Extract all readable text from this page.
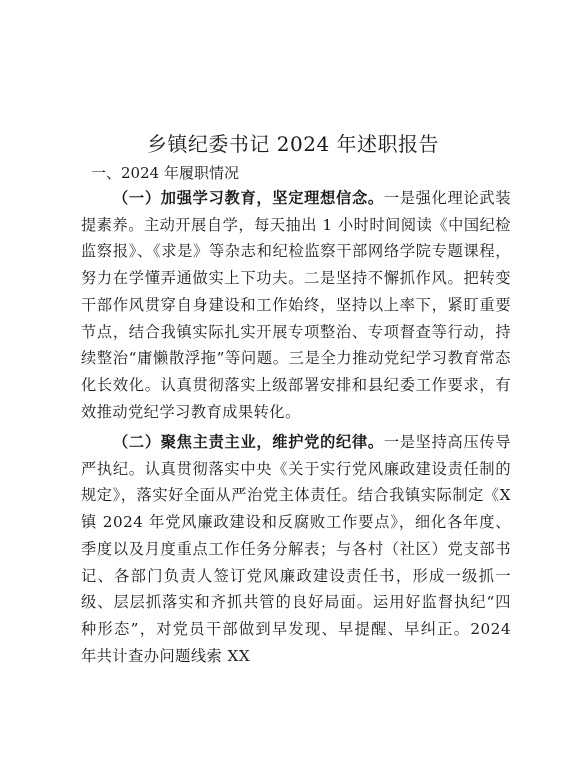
乡镇纪委书记 2024 年述职报告
一、2024 年履职情况

（一）加强学习教育，坚定理想信念。一是强化理论武装提素养。主动开展自学，每天抽出 1 小时时间阅读《中国纪检监察报》、《求是》等杂志和纪检监察干部网络学院专题课程，努力在学懂弄通做实上下功夫。二是坚持不懈抓作风。把转变干部作风贯穿自身建设和工作始终，坚持以上率下，紧盯重要节点，结合我镇实际扎实开展专项整治、专项督查等行动，持续整治“庸懒散浮拖”等问题。三是全力推动党纪学习教育常态化长效化。认真贯彻落实上级部署安排和县纪委工作要求，有效推动党纪学习教育成果转化。

（二）聚焦主责主业，维护党的纪律。一是坚持高压传导严执纪。认真贯彻落实中央《关于实行党风廉政建设责任制的规定》，落实好全面从严治党主体责任。结合我镇实际制定《X 镇 2024 年党风廉政建设和反腐败工作要点》，细化各年度、季度以及月度重点工作任务分解表；与各村（社区）党支部书记、各部门负责人签订党风廉政建设责任书，形成一级抓一级、层层抓落实和齐抓共管的良好局面。运用好监督执纪“四种形态”，对党员干部做到早发现、早提醒、早纠正。2024 年共计查办问题线索 XX
